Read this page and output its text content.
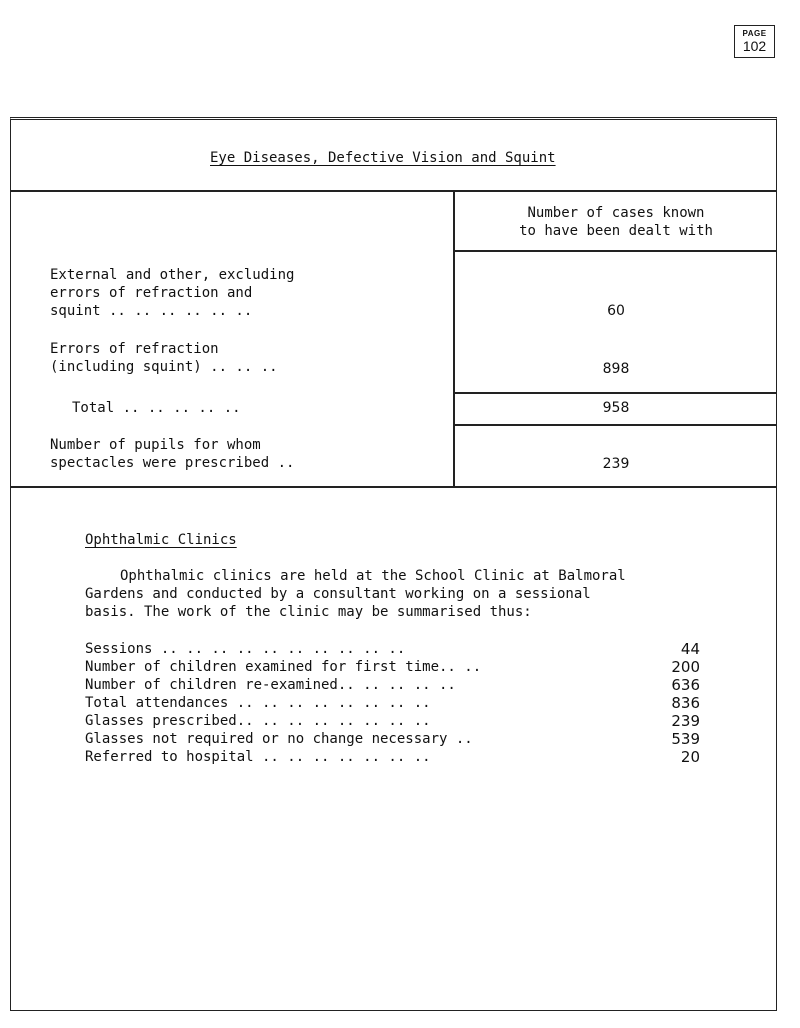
PAGE
102
Eye Diseases, Defective Vision and Squint
Number of cases known
to have been dealt with
External and other, excluding
errors of refraction and
squint .. .. .. .. .. ..	60
Errors of refraction
(including squint) .. .. ..	898
Total .. .. .. .. ..	958
Number of pupils for whom
spectacles were prescribed ..	239
Ophthalmic Clinics
Ophthalmic clinics are held at the School Clinic at Balmoral
Gardens and conducted by a consultant working on a sessional
basis. The work of the clinic may be summarised thus:
Sessions .. .. .. .. .. .. .. .. .. ..	44
Number of children examined for first time.. ..	200
Number of children re-examined.. .. .. .. ..	636
Total attendances .. .. .. .. .. .. .. ..	836
Glasses prescribed.. .. .. .. .. .. .. ..	239
Glasses not required or no change necessary ..	539
Referred to hospital .. .. .. .. .. .. ..	20
